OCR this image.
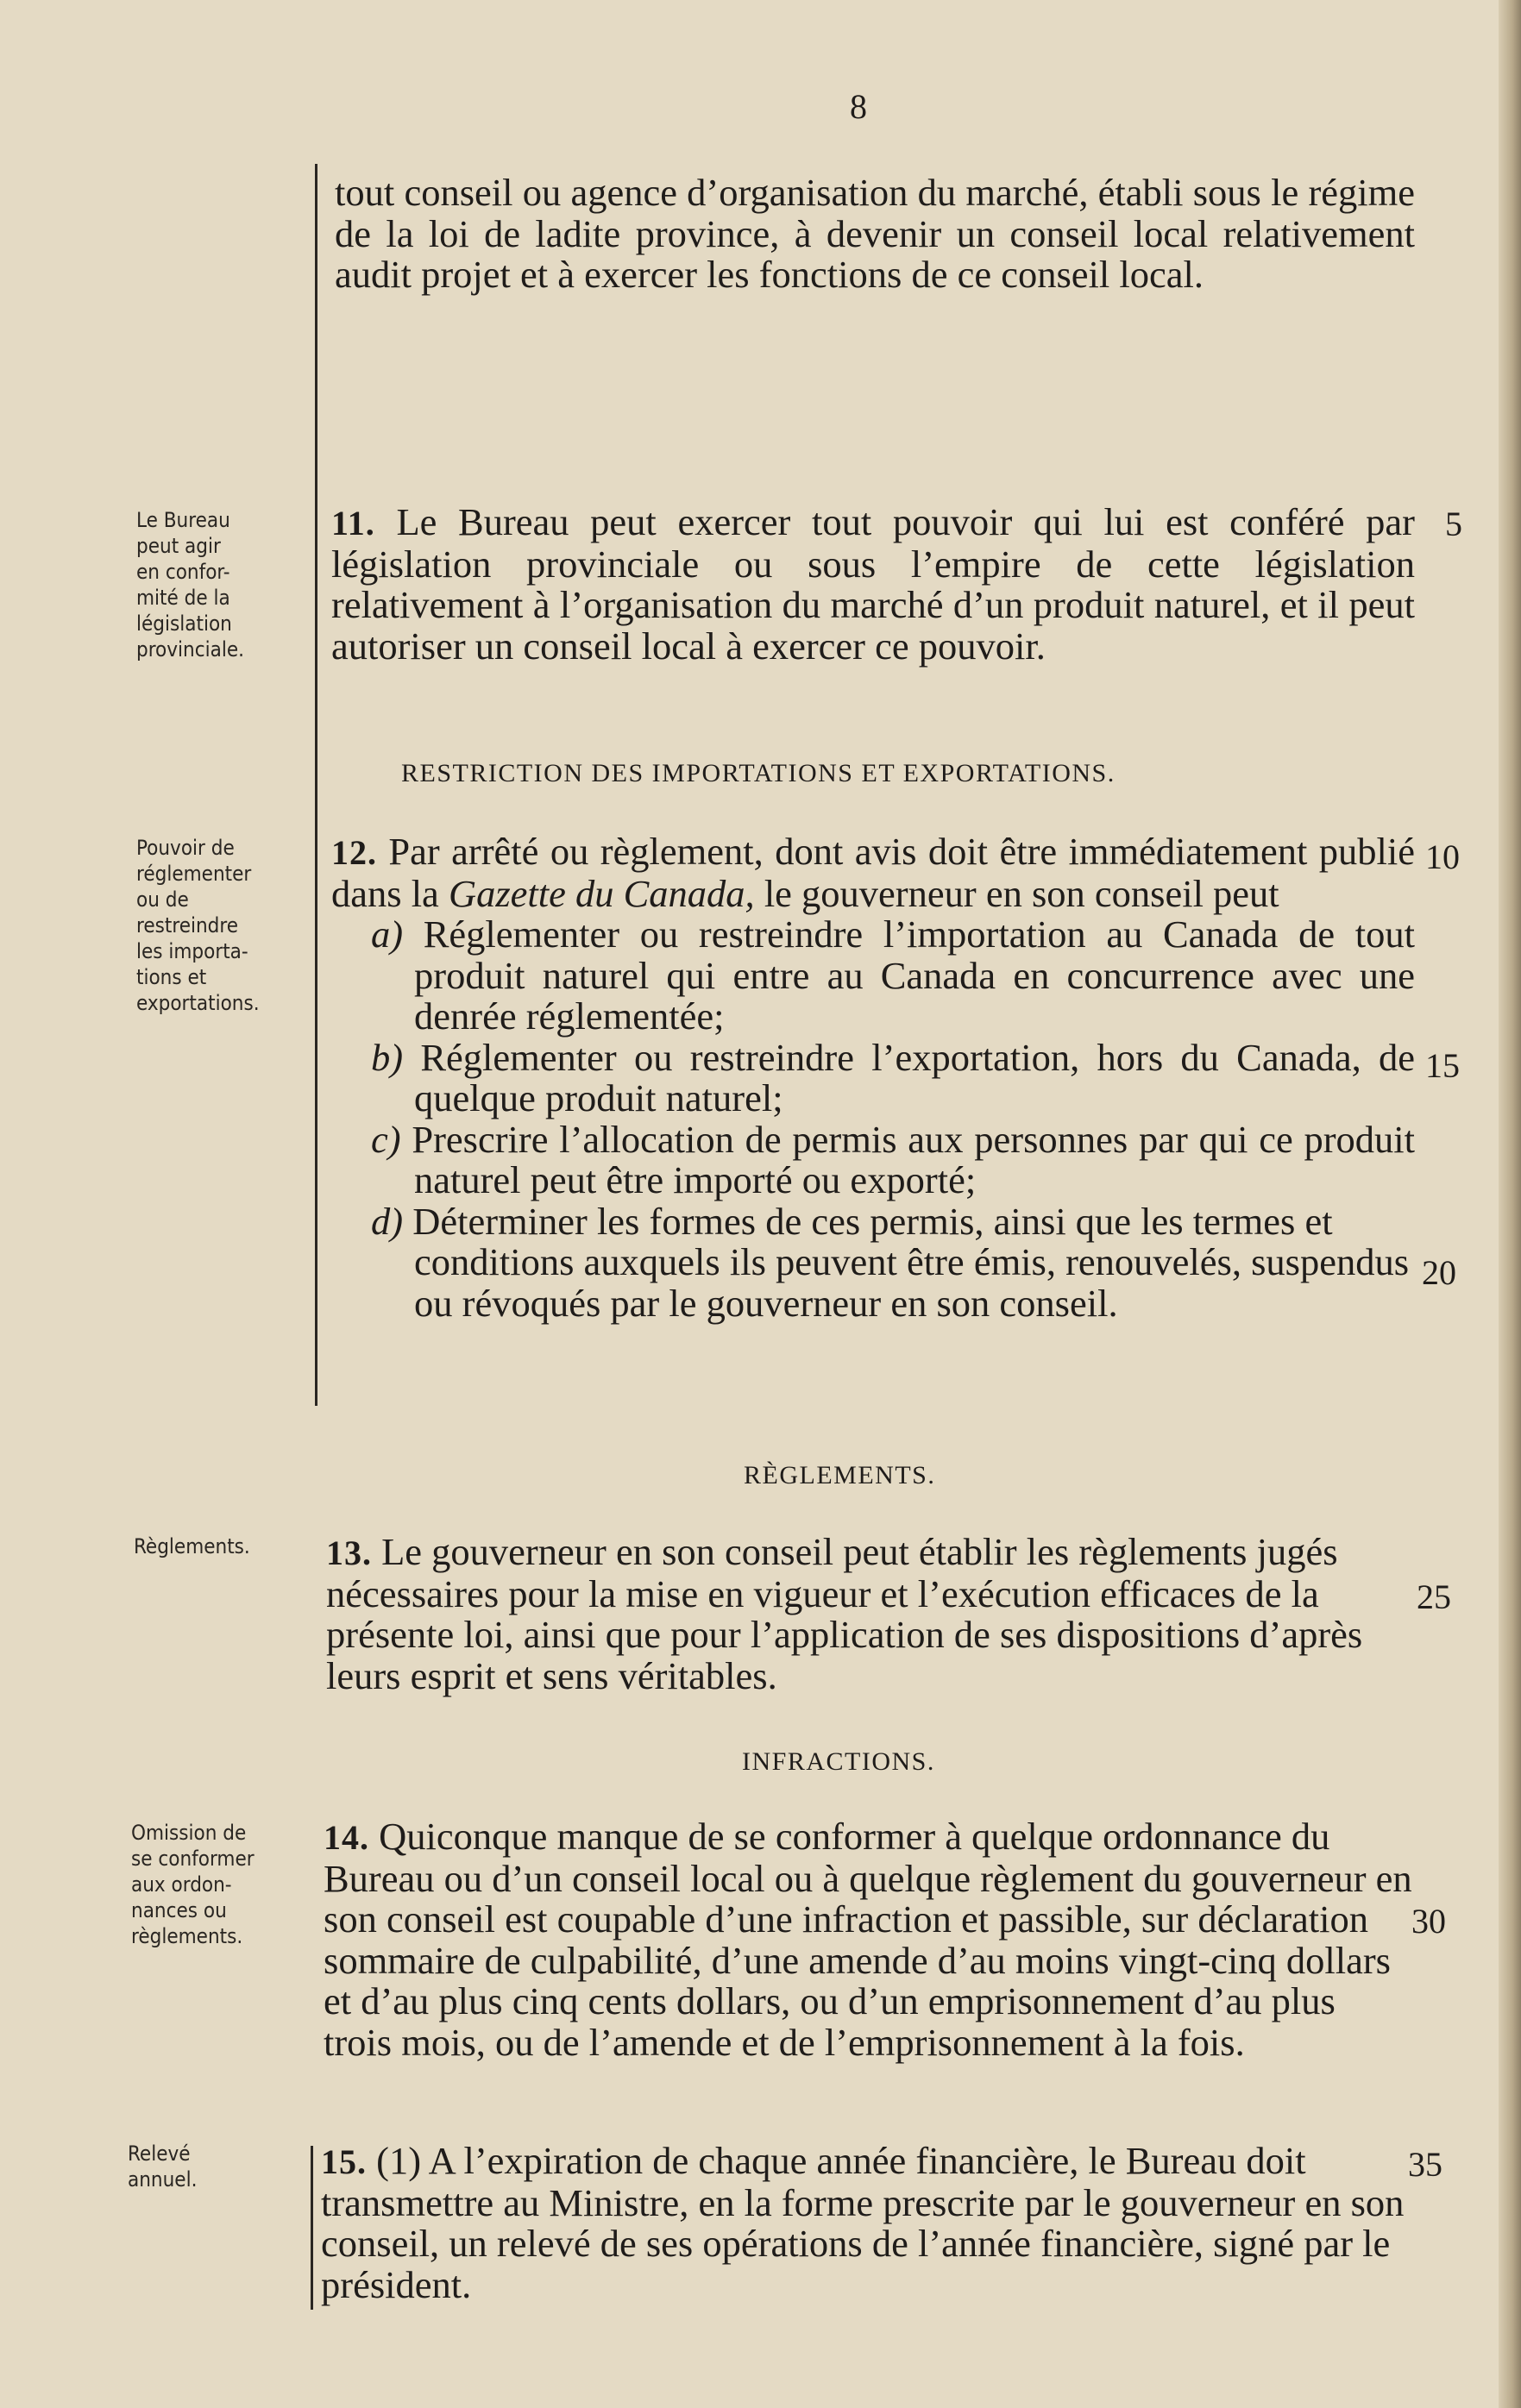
8
Le Bureau
peut agir
en confor-
mité de la
législation
provinciale.
Pouvoir de
réglementer
ou de
restreindre
les importa-
tions et
exportations.
Règlements.
Omission de
se conformer
aux ordon-
nances ou
règlements.
Relevé
annuel.
5
10
15
20
25
30
35

tout conseil ou agence d’organisation du marché, établi sous le régime de la loi de ladite province, à devenir un conseil local relativement audit projet et à exercer les fonctions de ce conseil local.

11. Le Bureau peut exercer tout pouvoir qui lui est conféré par législation provinciale ou sous l’empire de cette législation relativement à l’organisation du marché d’un produit naturel, et il peut autoriser un conseil local à exercer ce pouvoir.

RESTRICTION DES IMPORTATIONS ET EXPORTATIONS.

12. Par arrêté ou règlement, dont avis doit être immédiatement publié dans la Gazette du Canada, le gouverneur en son conseil peut

a) Réglementer ou restreindre l’importation au Canada de tout produit naturel qui entre au Canada en concurrence avec une denrée réglementée;

b) Réglementer ou restreindre l’exportation, hors du Canada, de quelque produit naturel;

c) Prescrire l’allocation de permis aux personnes par qui ce produit naturel peut être importé ou exporté;

d) Déterminer les formes de ces permis, ainsi que les termes et conditions auxquels ils peuvent être émis, renouvelés, suspendus ou révoqués par le gouverneur en son conseil.

RÈGLEMENTS.

13. Le gouverneur en son conseil peut établir les règlements jugés nécessaires pour la mise en vigueur et l’exécution efficaces de la présente loi, ainsi que pour l’application de ses dispositions d’après leurs esprit et sens véritables.

INFRACTIONS.

14. Quiconque manque de se conformer à quelque ordonnance du Bureau ou d’un conseil local ou à quelque règlement du gouverneur en son conseil est coupable d’une infraction et passible, sur déclaration sommaire de culpabilité, d’une amende d’au moins vingt-cinq dollars et d’au plus cinq cents dollars, ou d’un emprisonnement d’au plus trois mois, ou de l’amende et de l’emprisonnement à la fois.

15. (1) A l’expiration de chaque année financière, le Bureau doit transmettre au Ministre, en la forme prescrite par le gouverneur en son conseil, un relevé de ses opérations de l’année financière, signé par le président.
